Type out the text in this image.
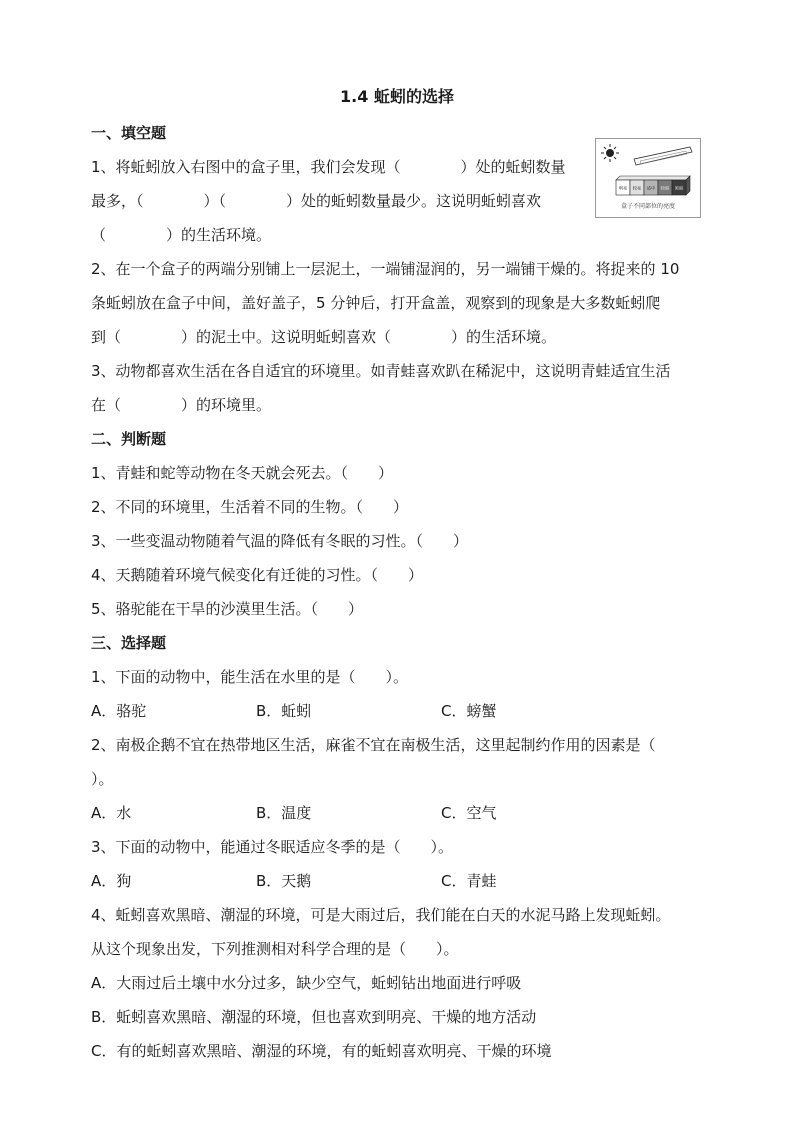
1.4 蚯蚓的选择
一、填空题
1、将蚯蚓放入右图中的盒子里，我们会发现（　　　　）处的蚯蚓数量
最多，（　　　　）（　　　　）处的蚯蚓数量最少。这说明蚯蚓喜欢
（　　　　）的生活环境。
明亮 较亮 适中 较暗 黑暗
盒子不同部位的亮度
2、在一个盒子的两端分别铺上一层泥土，一端铺湿润的，另一端铺干燥的。将捉来的 10
条蚯蚓放在盒子中间，盖好盖子，5 分钟后，打开盒盖，观察到的现象是大多数蚯蚓爬
到（　　　　）的泥土中。这说明蚯蚓喜欢（　　　　）的生活环境。
3、动物都喜欢生活在各自适宜的环境里。如青蛙喜欢趴在稀泥中，这说明青蛙适宜生活
在（　　　　）的环境里。
二、判断题
1、青蛙和蛇等动物在冬天就会死去。（　　）
2、不同的环境里，生活着不同的生物。（　　）
3、一些变温动物随着气温的降低有冬眠的习性。（　　）
4、天鹅随着环境气候变化有迁徙的习性。（　　）
5、骆驼能在干旱的沙漠里生活。（　　）
三、选择题
1、下面的动物中，能生活在水里的是（　　）。
A．骆驼	B．蚯蚓	C．螃蟹
2、南极企鹅不宜在热带地区生活，麻雀不宜在南极生活，这里起制约作用的因素是（
）。
A．水	B．温度	C．空气
3、下面的动物中，能通过冬眠适应冬季的是（　　）。
A．狗	B．天鹅	C．青蛙
4、蚯蚓喜欢黑暗、潮湿的环境，可是大雨过后，我们能在白天的水泥马路上发现蚯蚓。
从这个现象出发，下列推测相对科学合理的是（　　）。
A．大雨过后土壤中水分过多，缺少空气，蚯蚓钻出地面进行呼吸
B．蚯蚓喜欢黑暗、潮湿的环境，但也喜欢到明亮、干燥的地方活动
C．有的蚯蚓喜欢黑暗、潮湿的环境，有的蚯蚓喜欢明亮、干燥的环境
